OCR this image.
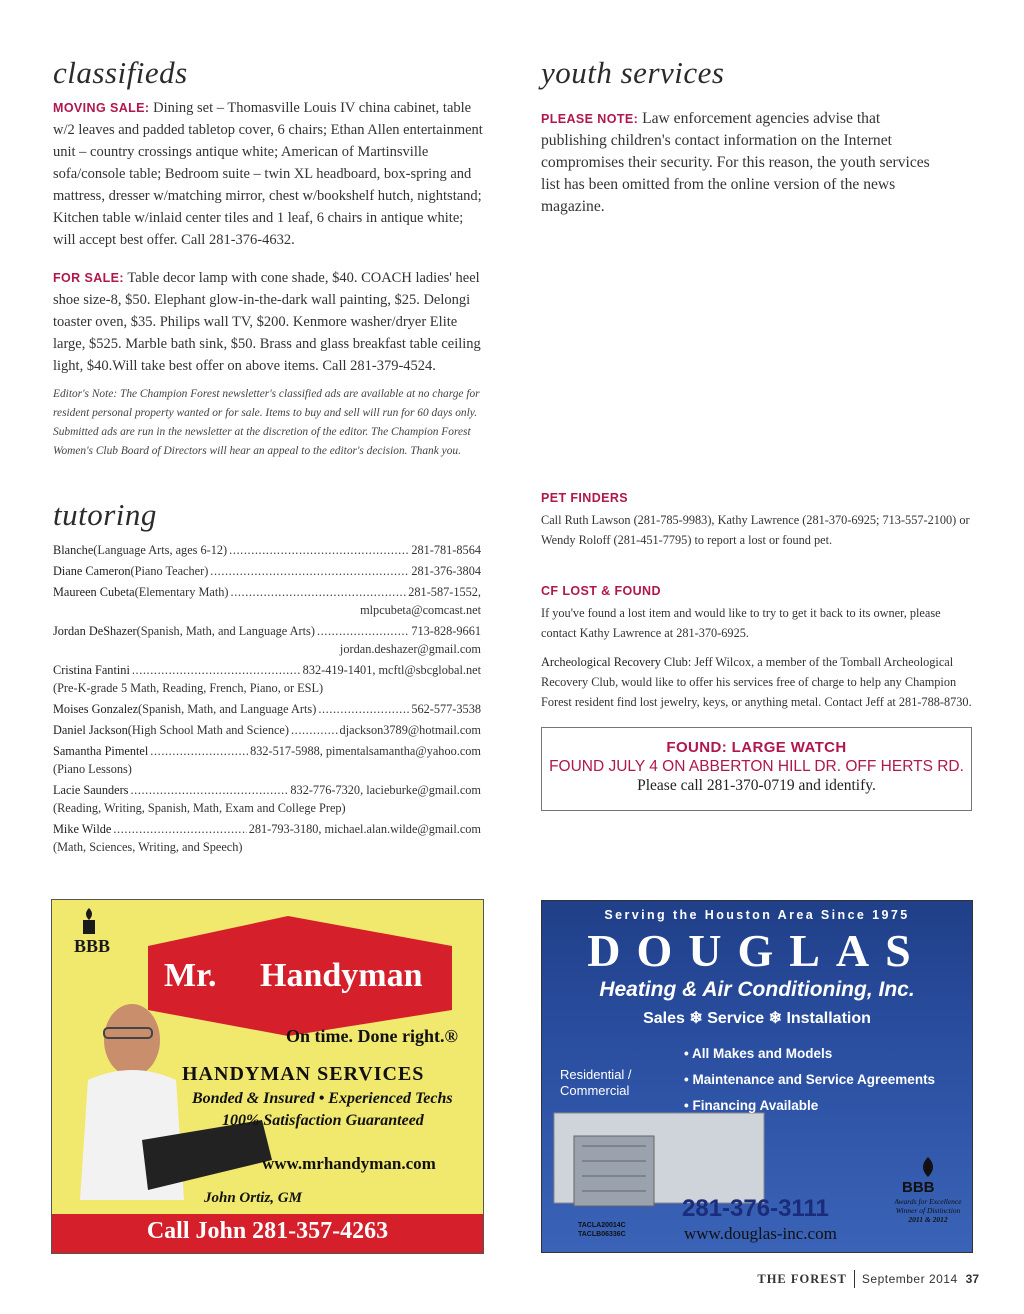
classifieds
MOVING SALE: Dining set – Thomasville Louis IV china cabinet, table w/2 leaves and padded tabletop cover, 6 chairs; Ethan Allen entertainment unit – country crossings antique white; American of Martinsville sofa/console table; Bedroom suite – twin XL headboard, box-spring and mattress, dresser w/matching mirror, chest w/bookshelf hutch, nightstand; Kitchen table w/inlaid center tiles and 1 leaf, 6 chairs in antique white; will accept best offer. Call 281-376-4632.
FOR SALE: Table decor lamp with cone shade, $40. COACH ladies' heel shoe size-8, $50. Elephant glow-in-the-dark wall painting, $25. Delongi toaster oven, $35. Philips wall TV, $200. Kenmore washer/dryer Elite large, $525. Marble bath sink, $50. Brass and glass breakfast table ceiling light, $40.Will take best offer on above items. Call 281-379-4524.
Editor's Note: The Champion Forest newsletter's classified ads are available at no charge for resident personal property wanted or for sale. Items to buy and sell will run for 60 days only. Submitted ads are run in the newsletter at the discretion of the editor. The Champion Forest Women's Club Board of Directors will hear an appeal to the editor's decision. Thank you.
youth services
PLEASE NOTE: Law enforcement agencies advise that publishing children's contact information on the Internet compromises their security. For this reason, the youth services list has been omitted from the online version of the news magazine.
tutoring
Blanche (Language Arts, ages 6-12) .....	281-781-8564
Diane Cameron (Piano Teacher) .....	281-376-3804
Maureen Cubeta (Elementary Math) .....	281-587-1552,
mlpcubeta@comcast.net
Jordan DeShazer (Spanish, Math, and Language Arts) .....	713-828-9661
jordan.deshazer@gmail.com
Cristina Fantini .....	832-419-1401, mcftl@sbcglobal.net
(Pre-K-grade 5 Math, Reading, French, Piano, or ESL)
Moises Gonzalez (Spanish, Math, and Language Arts) .....	562-577-3538
Daniel Jackson (High School Math and Science) .....	djackson3789@hotmail.com
Samantha Pimentel .....	832-517-5988, pimentalsamantha@yahoo.com
(Piano Lessons)
Lacie Saunders .....	832-776-7320, lacieburke@gmail.com
(Reading, Writing, Spanish, Math, Exam and College Prep)
Mike Wilde .....	281-793-3180, michael.alan.wilde@gmail.com
(Math, Sciences, Writing, and Speech)
PET FINDERS
Call Ruth Lawson (281-785-9983), Kathy Lawrence (281-370-6925; 713-557-2100) or Wendy Roloff (281-451-7795) to report a lost or found pet.
CF LOST & FOUND
If you've found a lost item and would like to try to get it back to its owner, please contact Kathy Lawrence at 281-370-6925.
Archeological Recovery Club: Jeff Wilcox, a member of the Tomball Archeological Recovery Club, would like to offer his services free of charge to help any Champion Forest resident find lost jewelry, keys, or anything metal. Contact Jeff at 281-788-8730.
FOUND: LARGE WATCH
FOUND JULY 4 ON ABBERTON HILL DR. OFF HERTS RD.
Please call 281-370-0719 and identify.
BBB
Mr. Handyman
On time. Done right.®
HANDYMAN SERVICES
Bonded & Insured • Experienced Techs
100% Satisfaction Guaranteed
www.mrhandyman.com
John Ortiz, GM
Call John 281-357-4263
Serving the Houston Area Since 1975
DOUGLAS
Heating & Air Conditioning, Inc.
Sales ❄ Service ❄ Installation
Residential / Commercial
• All Makes and Models
• Maintenance and Service Agreements
• Financing Available
TACLA20014C TACLB06336C
281-376-3111
www.douglas-inc.com
BBB
Awards for Excellence
Winner of Distinction
2011 & 2012
THE FOREST September 2014 37
